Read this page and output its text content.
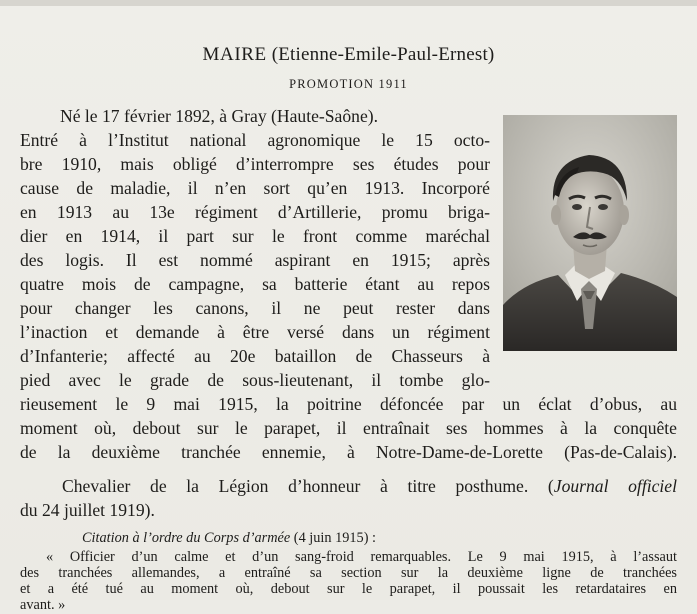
MAIRE (Etienne-Emile-Paul-Ernest)
PROMOTION 1911
Né le 17 février 1892, à Gray (Haute-Saône).
Entré à l’Institut national agronomique le 15 octo-
bre 1910, mais obligé d’interrompre ses études pour
cause de maladie, il n’en sort qu’en 1913. Incorporé
en 1913 au 13e régiment d’Artillerie, promu briga-
dier en 1914, il part sur le front comme maréchal
des logis. Il est nommé aspirant en 1915; après
quatre mois de campagne, sa batterie étant au repos
pour changer les canons, il ne peut rester dans
l’inaction et demande à être versé dans un régiment
d’Infanterie; affecté au 20e bataillon de Chasseurs à
pied avec le grade de sous-lieutenant, il tombe glo-
rieusement le 9 mai 1915, la poitrine défoncée par un éclat d’obus, au
moment où, debout sur le parapet, il entraînait ses hommes à la conquête
de la deuxième tranchée ennemie, à Notre-Dame-de-Lorette (Pas-de-Calais).
Chevalier de la Légion d’honneur à titre posthume. (Journal officiel
du 24 juillet 1919).
Citation à l’ordre du Corps d’armée (4 juin 1915) :
« Officier d’un calme et d’un sang-froid remarquables. Le 9 mai 1915, à l’assaut
des tranchées allemandes, a entraîné sa section sur la deuxième ligne de tranchées
et a été tué au moment où, debout sur le parapet, il poussait les retardataires en
avant. »
